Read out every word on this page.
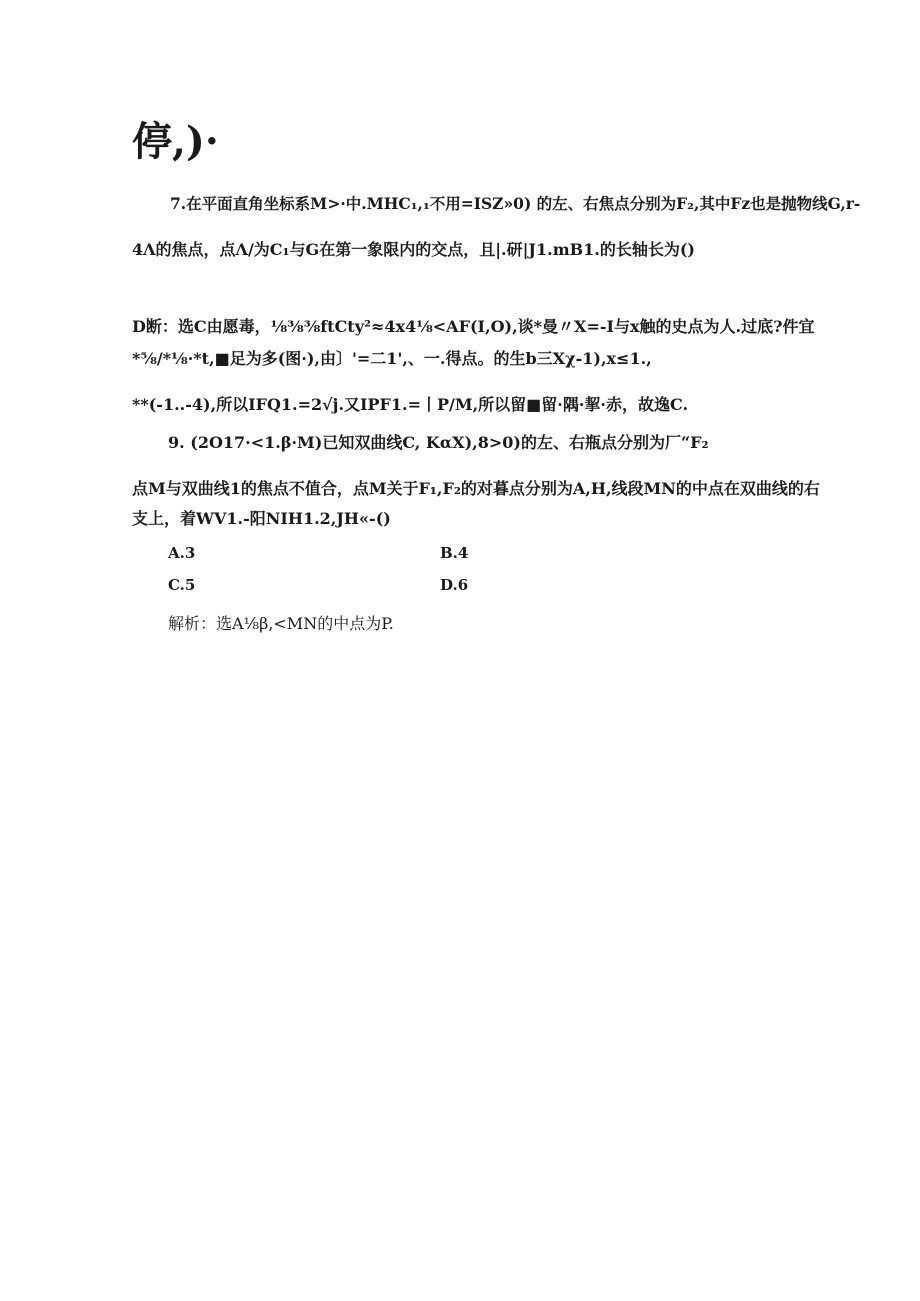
停,)·
7.在平面直角坐标系M>·中.MHC₁,₁不用=ISZ»0) 的左、右焦点分别为F₂,其中Fz也是抛物线G,r-
4Λ的焦点，点Λ/为C₁与G在第一象限内的交点，且|.研|J1.mB1.的长轴长为()
D断：选C由愿毒，⅛⅜⅜ftCty²≈4x4⅛<AF(I,O),谈*曼〃X=-I与x触的史点为人.过底?件宜
*⅝/*⅛·*t,■足为多(图·),由〕'=二1',、一.得点。的生b三Xχ-1),x≤1.,
**(-1..-4),所以IFQ1.=2√j.又IPF1.=丨P/M,所以留■留·隅·挈·赤，故逸C.
9. (2O17·<1.β·M)已知双曲线C, KαX),8>0)的左、右瓶点分别为厂“F₂
点M与双曲线1的焦点不值合，点M关于F₁,F₂的对暮点分别为A,H,线段MN的中点在双曲线的右
支上，着WV1.-阳NIH1.2,JH«-()
A.3	B.4
C.5	D.6
解析：选A⅛β,<MN的中点为P.
